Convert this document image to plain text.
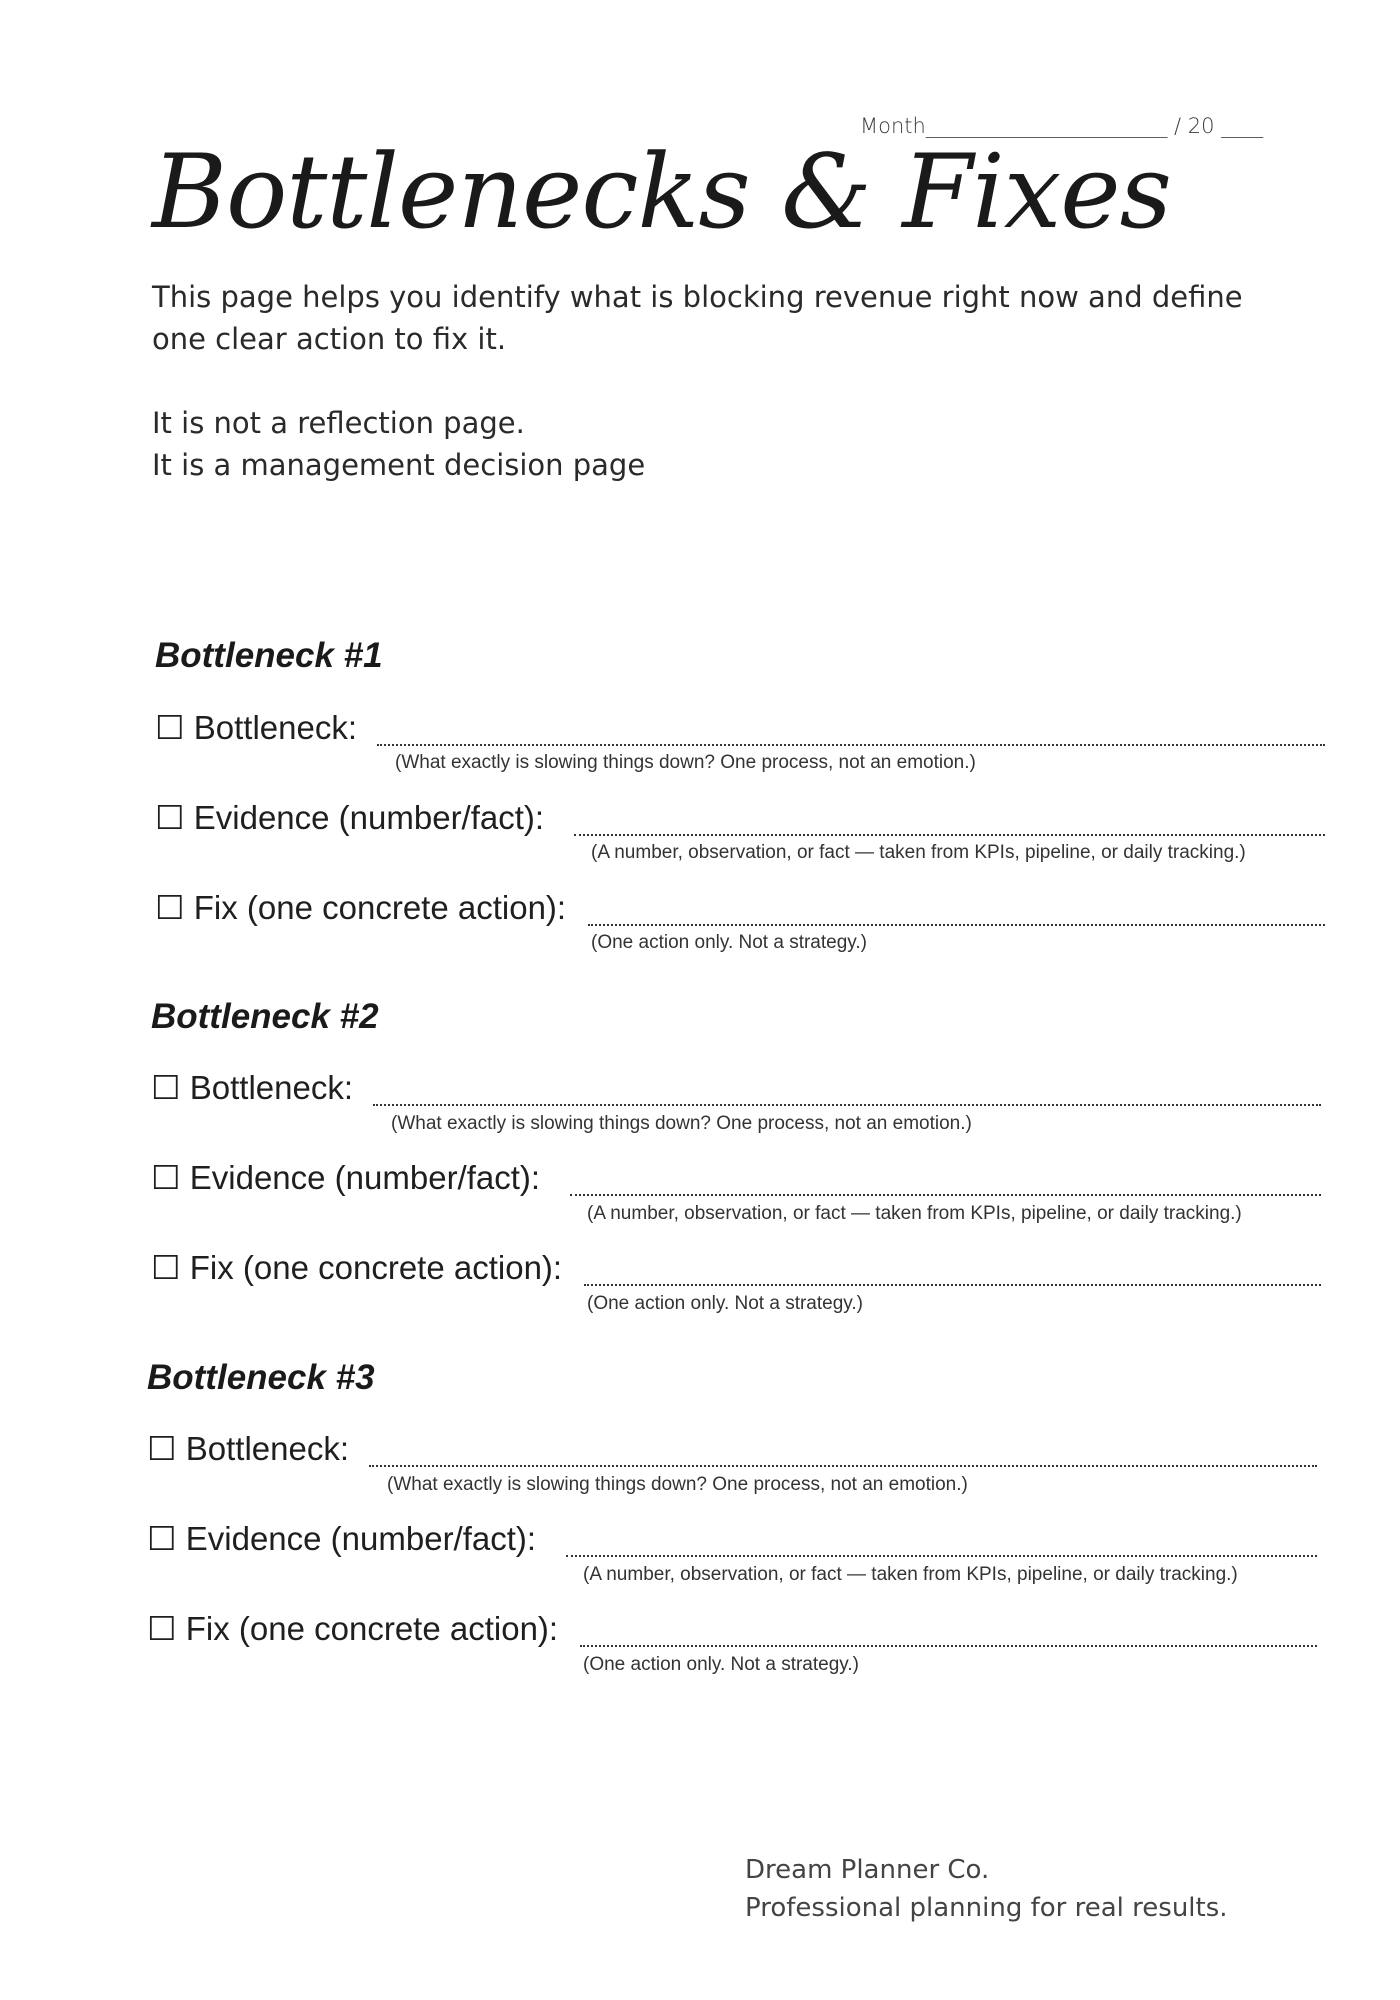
Month_______________________ / 20 ____
Bottlenecks & Fixes
This page helps you identify what is blocking revenue right now and define one clear action to fix it.
It is not a reflection page.
It is a management decision page
Bottleneck #1
☐ Bottleneck:
(What exactly is slowing things down? One process, not an emotion.)
☐ Evidence (number/fact):
(A number, observation, or fact — taken from KPIs, pipeline, or daily tracking.)
☐ Fix (one concrete action):
(One action only. Not a strategy.)
Bottleneck #2
☐ Bottleneck:
(What exactly is slowing things down? One process, not an emotion.)
☐ Evidence (number/fact):
(A number, observation, or fact — taken from KPIs, pipeline, or daily tracking.)
☐ Fix (one concrete action):
(One action only. Not a strategy.)
Bottleneck #3
☐ Bottleneck:
(What exactly is slowing things down? One process, not an emotion.)
☐ Evidence (number/fact):
(A number, observation, or fact — taken from KPIs, pipeline, or daily tracking.)
☐ Fix (one concrete action):
(One action only. Not a strategy.)
Dream Planner Co.
Professional planning for real results.
